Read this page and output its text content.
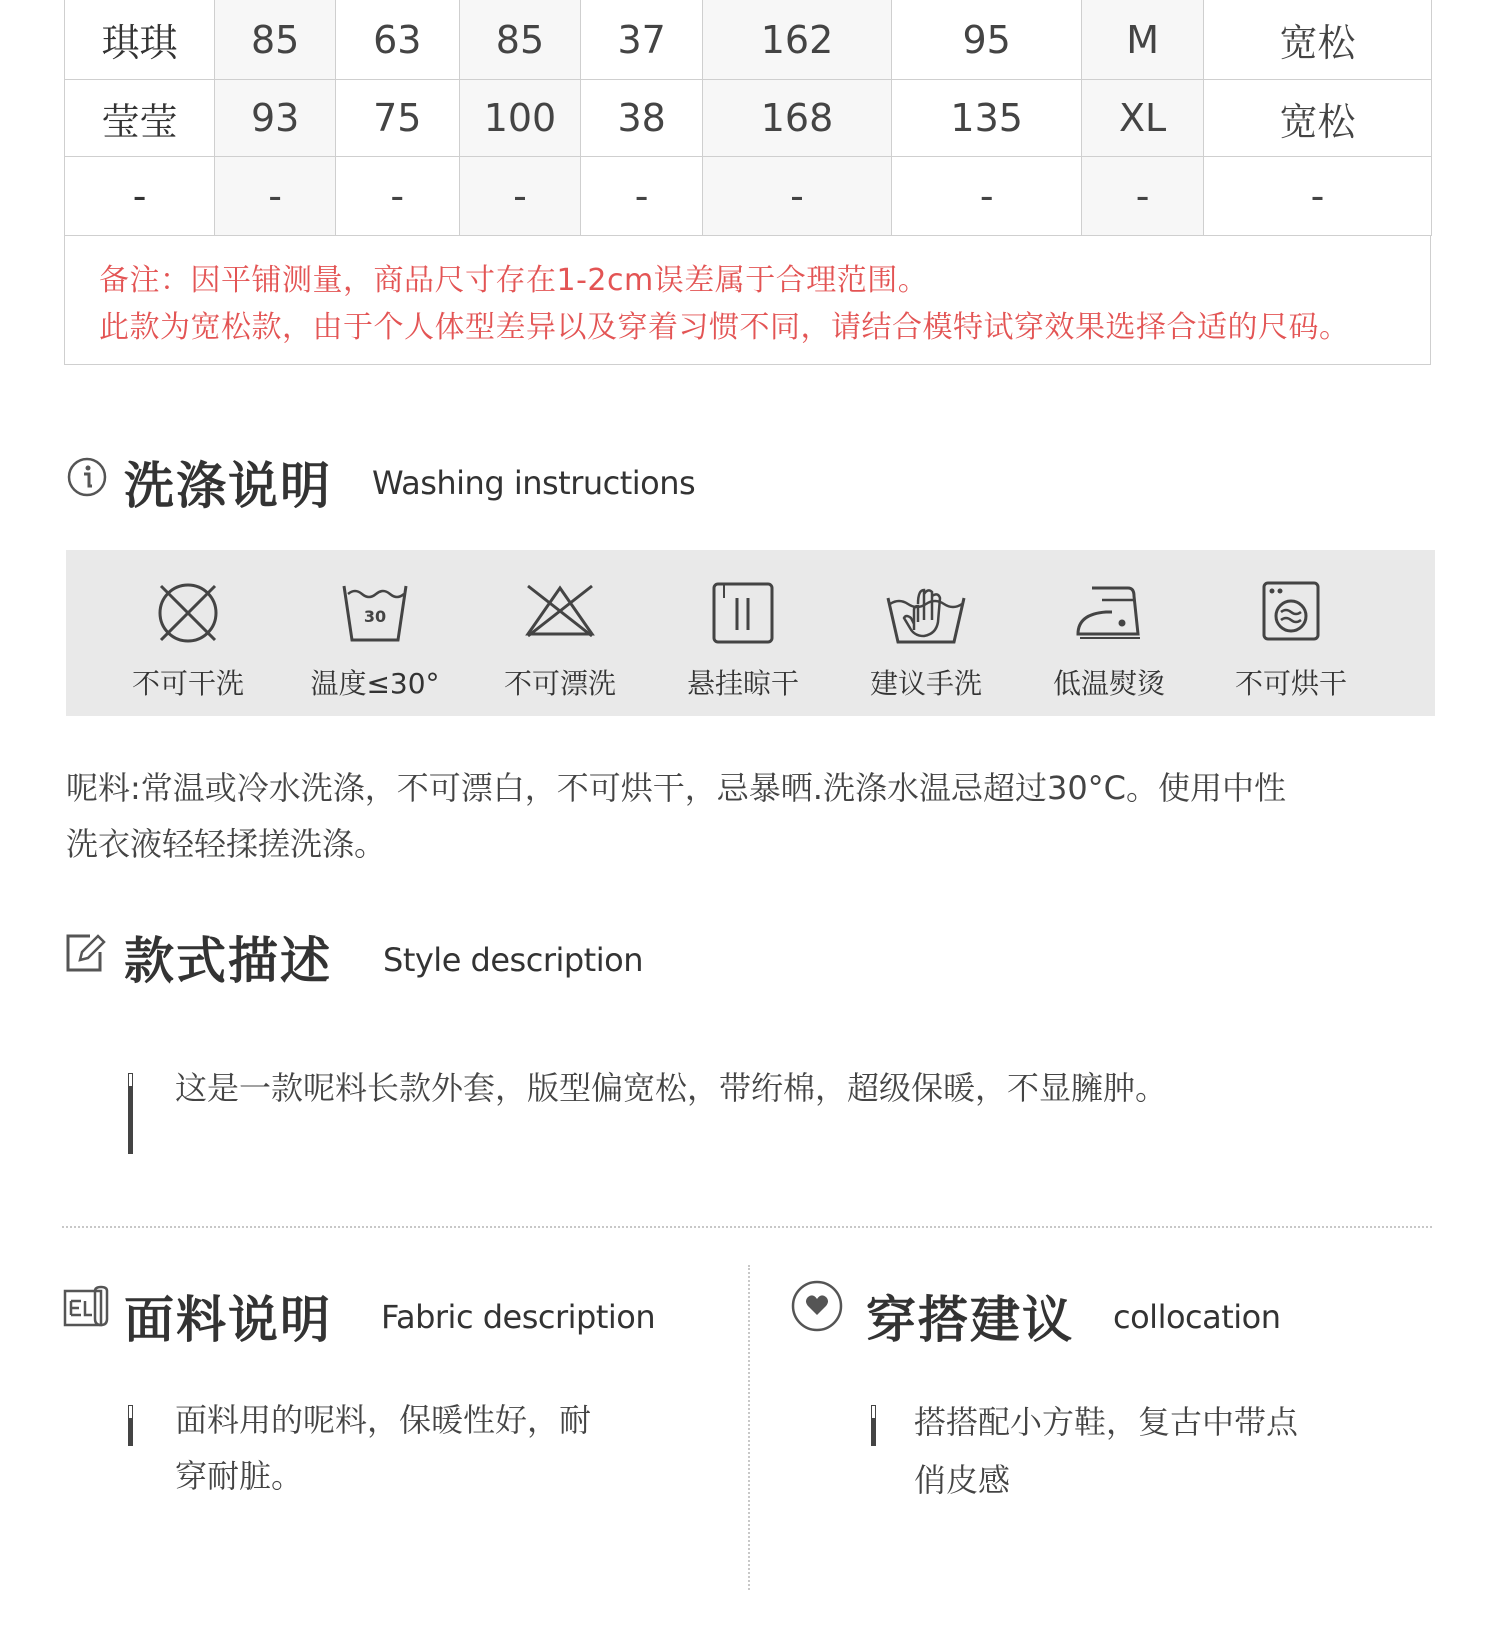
琪琪	85	63	85	37	162	95	M	宽松
莹莹	93	75	100	38	168	135	XL	宽松
-	-	-	-	-	-	-	-	-
备注：因平铺测量，商品尺寸存在1-2cm误差属于合理范围。
此款为宽松款，由于个人体型差异以及穿着习惯不同，请结合模特试穿效果选择合适的尺码。
洗涤说明 Washing instructions
不可干洗
30
温度≤30°	不可漂洗	悬挂晾干	建议手洗	低温熨烫	不可烘干
呢料:常温或冷水洗涤，不可漂白，不可烘干，忌暴晒.洗涤水温忌超过30°C。使用中性
洗衣液轻轻揉搓洗涤。
款式描述 Style description
这是一款呢料长款外套，版型偏宽松，带绗棉，超级保暖，不显臃肿。
面料说明 Fabric description
面料用的呢料，保暖性好，耐
穿耐脏。
穿搭建议 collocation
搭搭配小方鞋，复古中带点
俏皮感
